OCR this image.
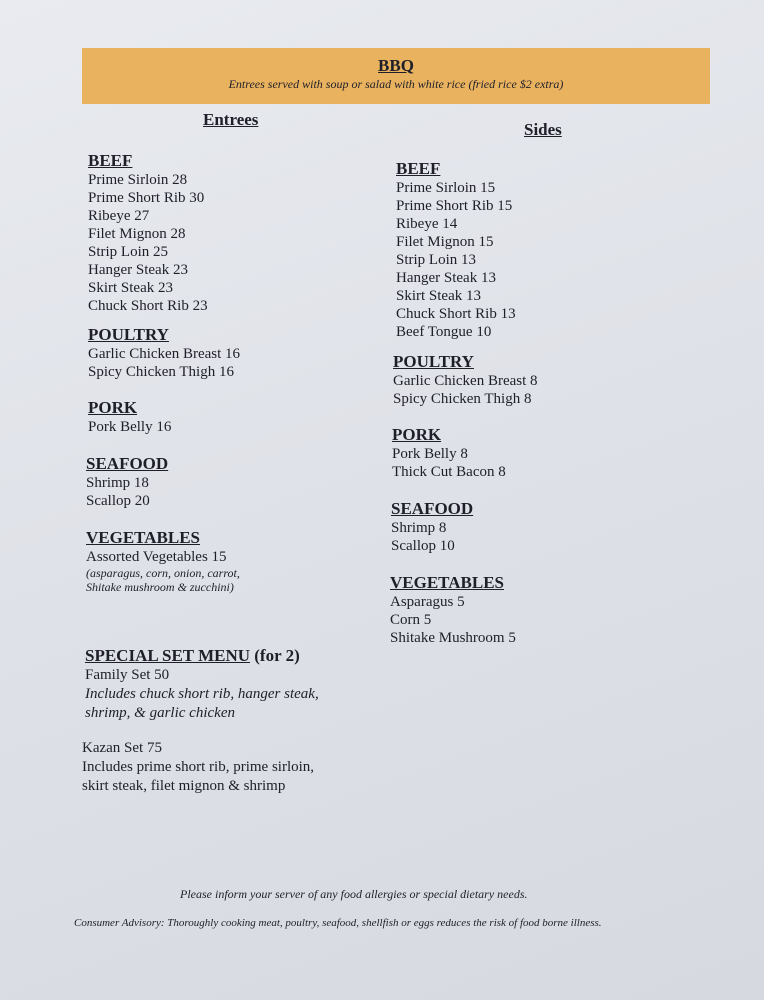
BBQ
Entrees served with soup or salad with white rice (fried rice $2 extra)
Entrees
Sides
BEEF
Prime Sirloin 28
Prime Short Rib 30
Ribeye 27
Filet Mignon 28
Strip Loin 25
Hanger Steak 23
Skirt Steak 23
Chuck Short Rib 23
POULTRY
Garlic Chicken Breast 16
Spicy Chicken Thigh 16
PORK
Pork Belly 16
SEAFOOD
Shrimp 18
Scallop 20
VEGETABLES
Assorted Vegetables 15
(asparagus, corn, onion, carrot,
Shitake mushroom & zucchini)
BEEF
Prime Sirloin 15
Prime Short Rib 15
Ribeye 14
Filet Mignon 15
Strip Loin 13
Hanger Steak 13
Skirt Steak 13
Chuck Short Rib 13
Beef Tongue 10
POULTRY
Garlic Chicken Breast 8
Spicy Chicken Thigh 8
PORK
Pork Belly 8
Thick Cut Bacon 8
SEAFOOD
Shrimp 8
Scallop 10
VEGETABLES
Asparagus 5
Corn 5
Shitake Mushroom 5
SPECIAL SET MENU (for 2)
Family Set 50
Includes chuck short rib, hanger steak,
shrimp, & garlic chicken
Kazan Set 75
Includes prime short rib, prime sirloin,
skirt steak, filet mignon & shrimp
Please inform your server of any food allergies or special dietary needs.
Consumer Advisory: Thoroughly cooking meat, poultry, seafood, shellfish or eggs reduces the risk of food borne illness.
